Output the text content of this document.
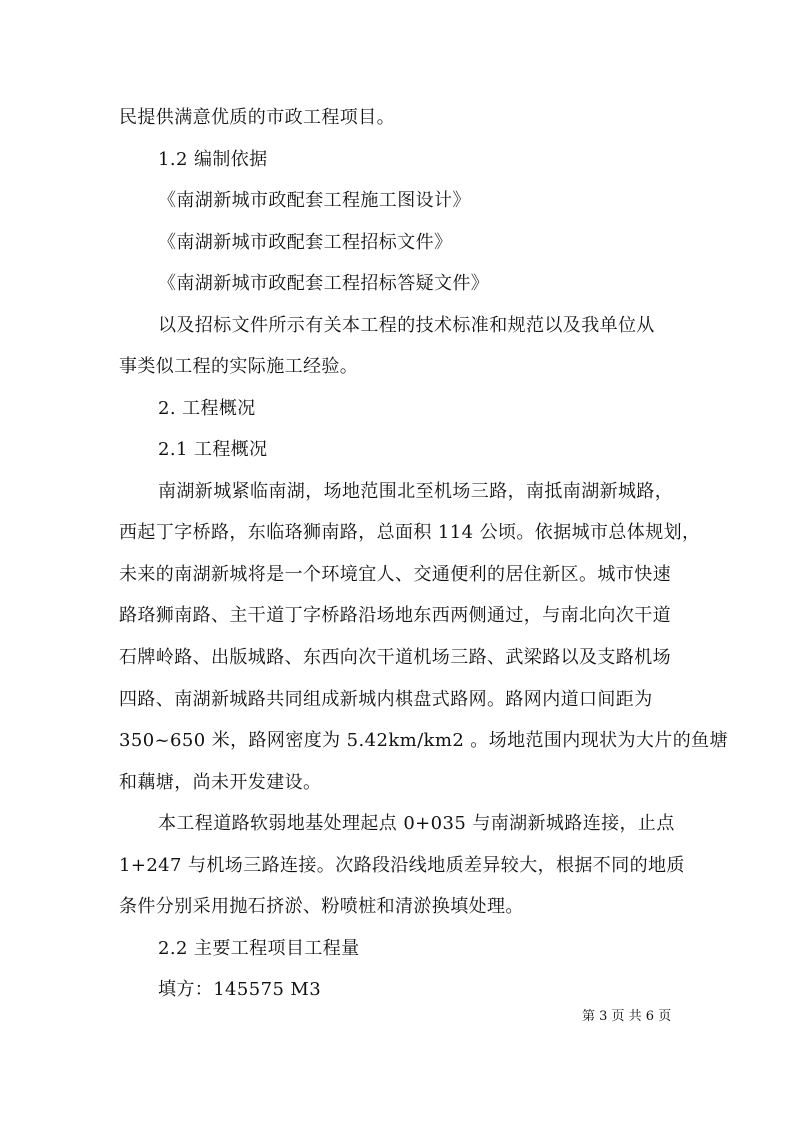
民提供满意优质的市政工程项目。
1.2 编制依据
《南湖新城市政配套工程施工图设计》
《南湖新城市政配套工程招标文件》
《南湖新城市政配套工程招标答疑文件》
以及招标文件所示有关本工程的技术标准和规范以及我单位从
事类似工程的实际施工经验。
2. 工程概况
2.1 工程概况
南湖新城紧临南湖，场地范围北至机场三路，南抵南湖新城路，
西起丁字桥路，东临珞狮南路，总面积 114 公顷。依据城市总体规划，
未来的南湖新城将是一个环境宜人、交通便利的居住新区。城市快速
路珞狮南路、主干道丁字桥路沿场地东西两侧通过，与南北向次干道
石牌岭路、出版城路、东西向次干道机场三路、武梁路以及支路机场
四路、南湖新城路共同组成新城内棋盘式路网。路网内道口间距为
350~650 米，路网密度为 5.42km/km2 。场地范围内现状为大片的鱼塘
和藕塘，尚未开发建设。
本工程道路软弱地基处理起点 0+035 与南湖新城路连接，止点
1+247 与机场三路连接。次路段沿线地质差异较大，根据不同的地质
条件分别采用抛石挤淤、粉喷桩和清淤换填处理。
2.2 主要工程项目工程量
填方：145575 M3
第 3 页 共 6 页
